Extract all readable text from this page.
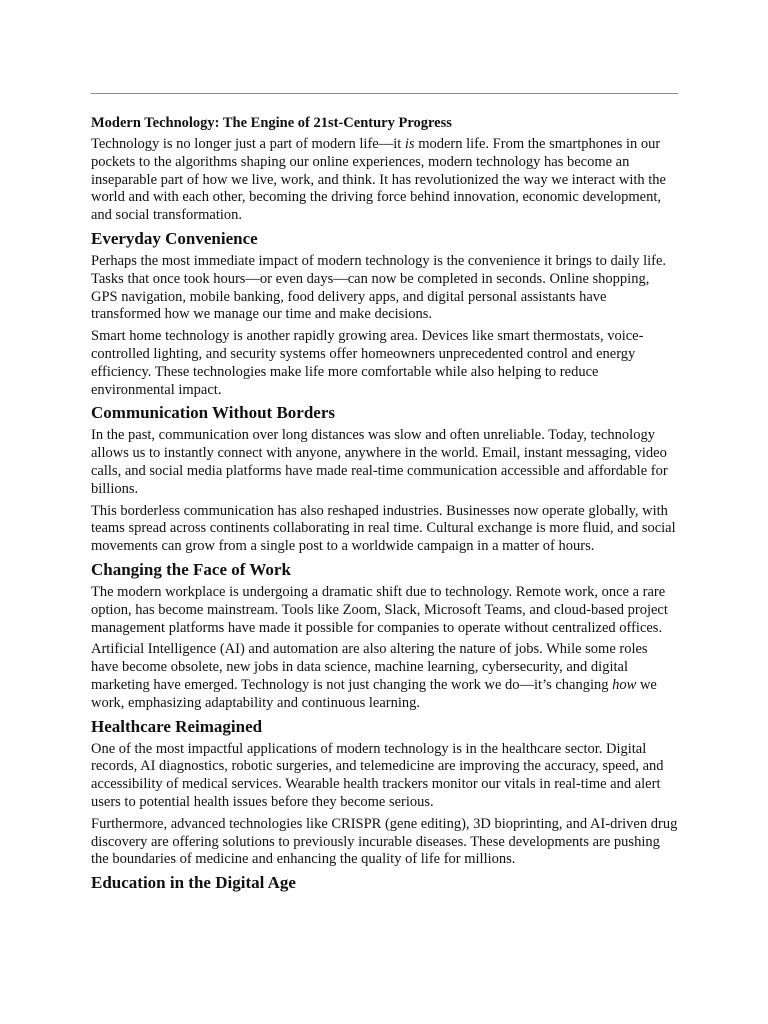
Modern Technology: The Engine of 21st-Century Progress

Technology is no longer just a part of modern life—it is modern life. From the smartphones in our pockets to the algorithms shaping our online experiences, modern technology has become an inseparable part of how we live, work, and think. It has revolutionized the way we interact with the world and with each other, becoming the driving force behind innovation, economic development, and social transformation.

Everyday Convenience

Perhaps the most immediate impact of modern technology is the convenience it brings to daily life. Tasks that once took hours—or even days—can now be completed in seconds. Online shopping, GPS navigation, mobile banking, food delivery apps, and digital personal assistants have transformed how we manage our time and make decisions.

Smart home technology is another rapidly growing area. Devices like smart thermostats, voice-controlled lighting, and security systems offer homeowners unprecedented control and energy efficiency. These technologies make life more comfortable while also helping to reduce environmental impact.

Communication Without Borders

In the past, communication over long distances was slow and often unreliable. Today, technology allows us to instantly connect with anyone, anywhere in the world. Email, instant messaging, video calls, and social media platforms have made real-time communication accessible and affordable for billions.

This borderless communication has also reshaped industries. Businesses now operate globally, with teams spread across continents collaborating in real time. Cultural exchange is more fluid, and social movements can grow from a single post to a worldwide campaign in a matter of hours.

Changing the Face of Work

The modern workplace is undergoing a dramatic shift due to technology. Remote work, once a rare option, has become mainstream. Tools like Zoom, Slack, Microsoft Teams, and cloud-based project management platforms have made it possible for companies to operate without centralized offices.

Artificial Intelligence (AI) and automation are also altering the nature of jobs. While some roles have become obsolete, new jobs in data science, machine learning, cybersecurity, and digital marketing have emerged. Technology is not just changing the work we do—it’s changing how we work, emphasizing adaptability and continuous learning.

Healthcare Reimagined

One of the most impactful applications of modern technology is in the healthcare sector. Digital records, AI diagnostics, robotic surgeries, and telemedicine are improving the accuracy, speed, and accessibility of medical services. Wearable health trackers monitor our vitals in real-time and alert users to potential health issues before they become serious.

Furthermore, advanced technologies like CRISPR (gene editing), 3D bioprinting, and AI-driven drug discovery are offering solutions to previously incurable diseases. These developments are pushing the boundaries of medicine and enhancing the quality of life for millions.

Education in the Digital Age
